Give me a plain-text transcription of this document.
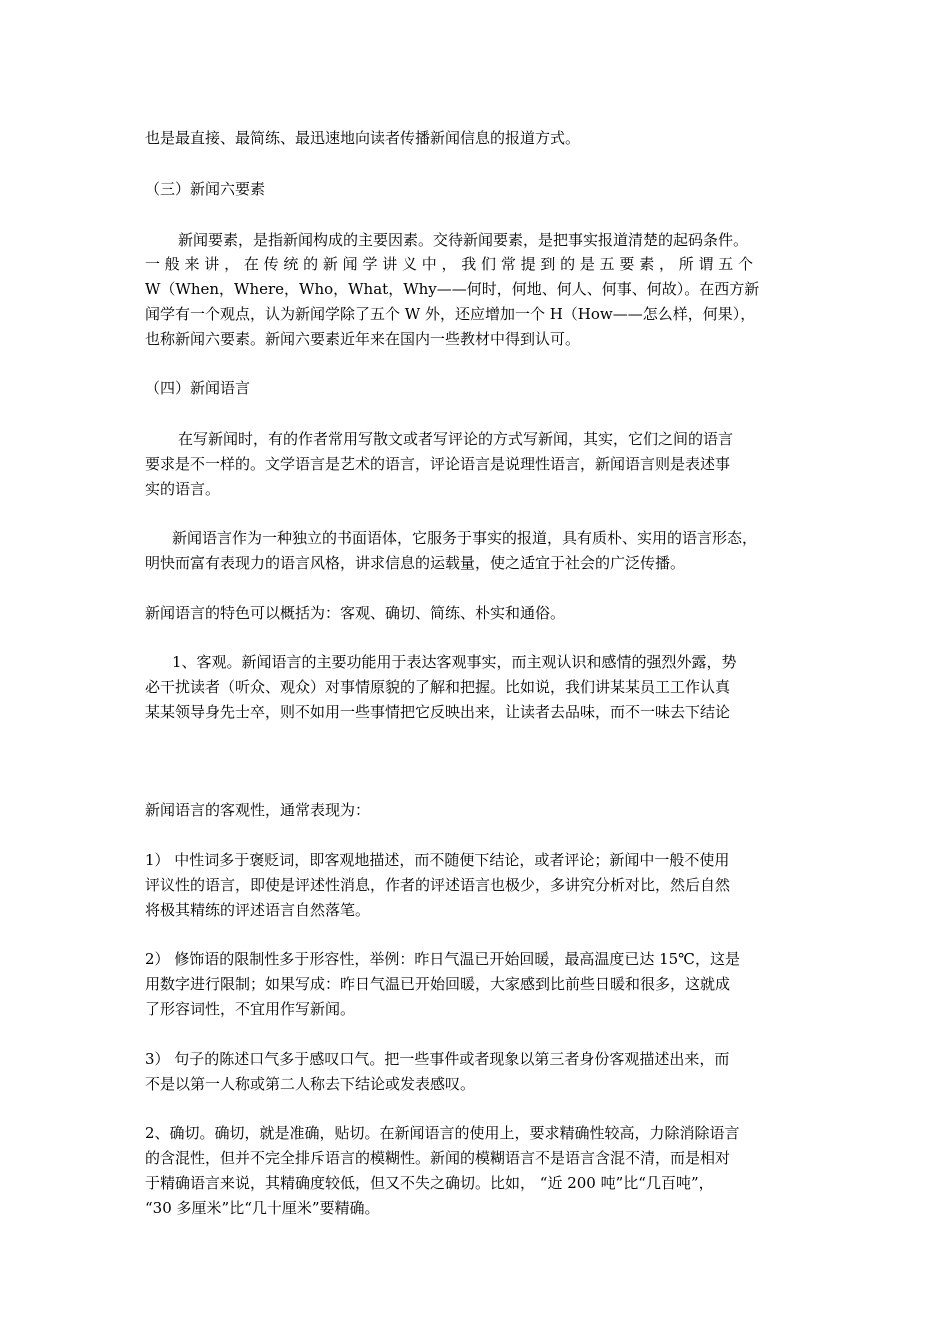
也是最直接、最简练、最迅速地向读者传播新闻信息的报道方式。

（三）新闻六要素

新闻要素，是指新闻构成的主要因素。交待新闻要素，是把事实报道清楚的起码条件。

一 般 来 讲 ， 在 传 统 的 新 闻 学 讲 义 中 ， 我 们 常 提 到 的 是 五 要 素 ， 所 谓 五 个

W（When，Where，Who，What，Why——何时，何地、何人、何事、何故）。在西方新

闻学有一个观点，认为新闻学除了五个 W 外，还应增加一个 H（How——怎么样，何果），

也称新闻六要素。新闻六要素近年来在国内一些教材中得到认可。

（四）新闻语言

在写新闻时，有的作者常用写散文或者写评论的方式写新闻，其实，它们之间的语言

要求是不一样的。文学语言是艺术的语言，评论语言是说理性语言，新闻语言则是表述事

实的语言。

新闻语言作为一种独立的书面语体，它服务于事实的报道，具有质朴、实用的语言形态，

明快而富有表现力的语言风格，讲求信息的运载量，使之适宜于社会的广泛传播。

新闻语言的特色可以概括为：客观、确切、简练、朴实和通俗。

1、客观。新闻语言的主要功能用于表达客观事实，而主观认识和感情的强烈外露，势

必干扰读者（听众、观众）对事情原貌的了解和把握。比如说，我们讲某某员工工作认真

某某领导身先士卒，则不如用一些事情把它反映出来，让读者去品味，而不一味去下结论

新闻语言的客观性，通常表现为：

1） 中性词多于褒贬词，即客观地描述，而不随便下结论，或者评论；新闻中一般不使用

评议性的语言，即使是评述性消息，作者的评述语言也极少，多讲究分析对比，然后自然

将极其精练的评述语言自然落笔。

2） 修饰语的限制性多于形容性，举例：昨日气温已开始回暖，最高温度已达 15℃，这是

用数字进行限制；如果写成：昨日气温已开始回暖，大家感到比前些日暖和很多，这就成

了形容词性，不宜用作写新闻。

3） 句子的陈述口气多于感叹口气。把一些事件或者现象以第三者身份客观描述出来，而

不是以第一人称或第二人称去下结论或发表感叹。

2、确切。确切，就是准确，贴切。在新闻语言的使用上，要求精确性较高，力除消除语言

的含混性，但并不完全排斥语言的模糊性。新闻的模糊语言不是语言含混不清，而是相对

于精确语言来说，其精确度较低，但又不失之确切。比如， “近 200 吨”比“几百吨”，

“30 多厘米”比“几十厘米”要精确。
